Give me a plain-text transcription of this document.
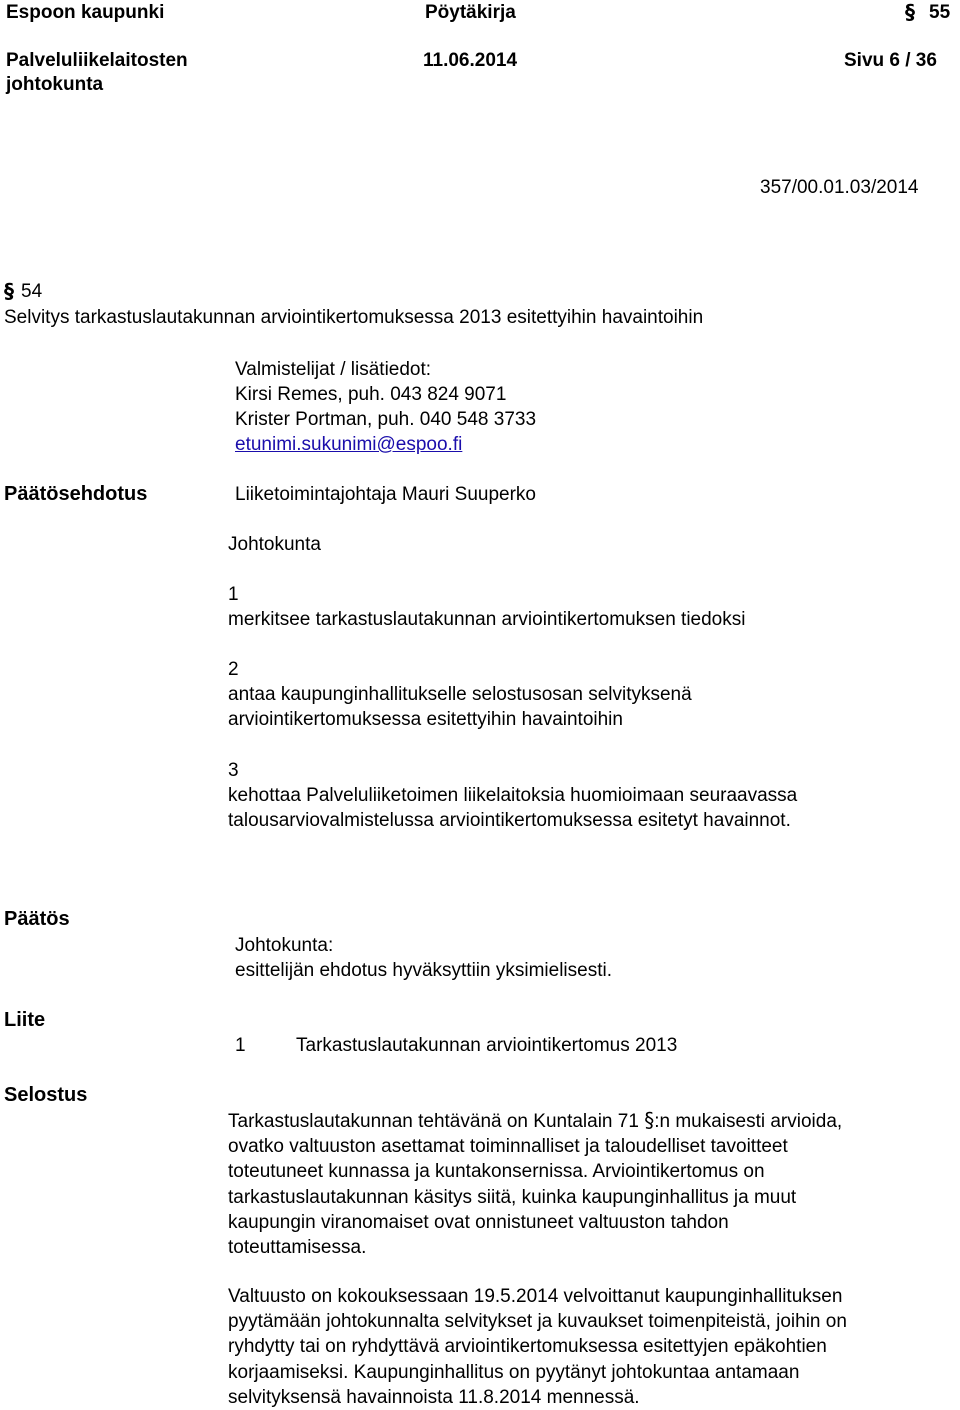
Espoon kaupunki	Pöytäkirja	§ 55
Palveluliikelaitosten
johtokunta
11.06.2014	Sivu 6 / 36
357/00.01.03/2014
§ 54
Selvitys tarkastuslautakunnan arviointikertomuksessa 2013 esitettyihin havaintoihin
Valmistelijat / lisätiedot:
Kirsi Remes, puh. 043 824 9071
Krister Portman, puh. 040 548 3733
etunimi.sukunimi@espoo.fi
Päätösehdotus	Liiketoimintajohtaja Mauri Suuperko
Johtokunta
1
merkitsee tarkastuslautakunnan arviointikertomuksen tiedoksi
2
antaa kaupunginhallitukselle selostusosan selvityksenä
arviointikertomuksessa esitettyihin havaintoihin
3
kehottaa Palveluliiketoimen liikelaitoksia huomioimaan seuraavassa
talousarviovalmistelussa arviointikertomuksessa esitetyt havainnot.
Päätös
Johtokunta:
esittelijän ehdotus hyväksyttiin yksimielisesti.
Liite
1	Tarkastuslautakunnan arviointikertomus 2013
Selostus
Tarkastuslautakunnan tehtävänä on Kuntalain 71 §:n mukaisesti arvioida,
ovatko valtuuston asettamat toiminnalliset ja taloudelliset tavoitteet
toteutuneet kunnassa ja kuntakonsernissa. Arviointikertomus on
tarkastuslautakunnan käsitys siitä, kuinka kaupunginhallitus ja muut
kaupungin viranomaiset ovat onnistuneet valtuuston tahdon
toteuttamisessa.
Valtuusto on kokouksessaan 19.5.2014 velvoittanut kaupunginhallituksen
pyytämään johtokunnalta selvitykset ja kuvaukset toimenpiteistä, joihin on
ryhdytty tai on ryhdyttävä arviointikertomuksessa esitettyjen epäkohtien
korjaamiseksi. Kaupunginhallitus on pyytänyt johtokuntaa antamaan
selvityksensä havainnoista 11.8.2014 mennessä.
